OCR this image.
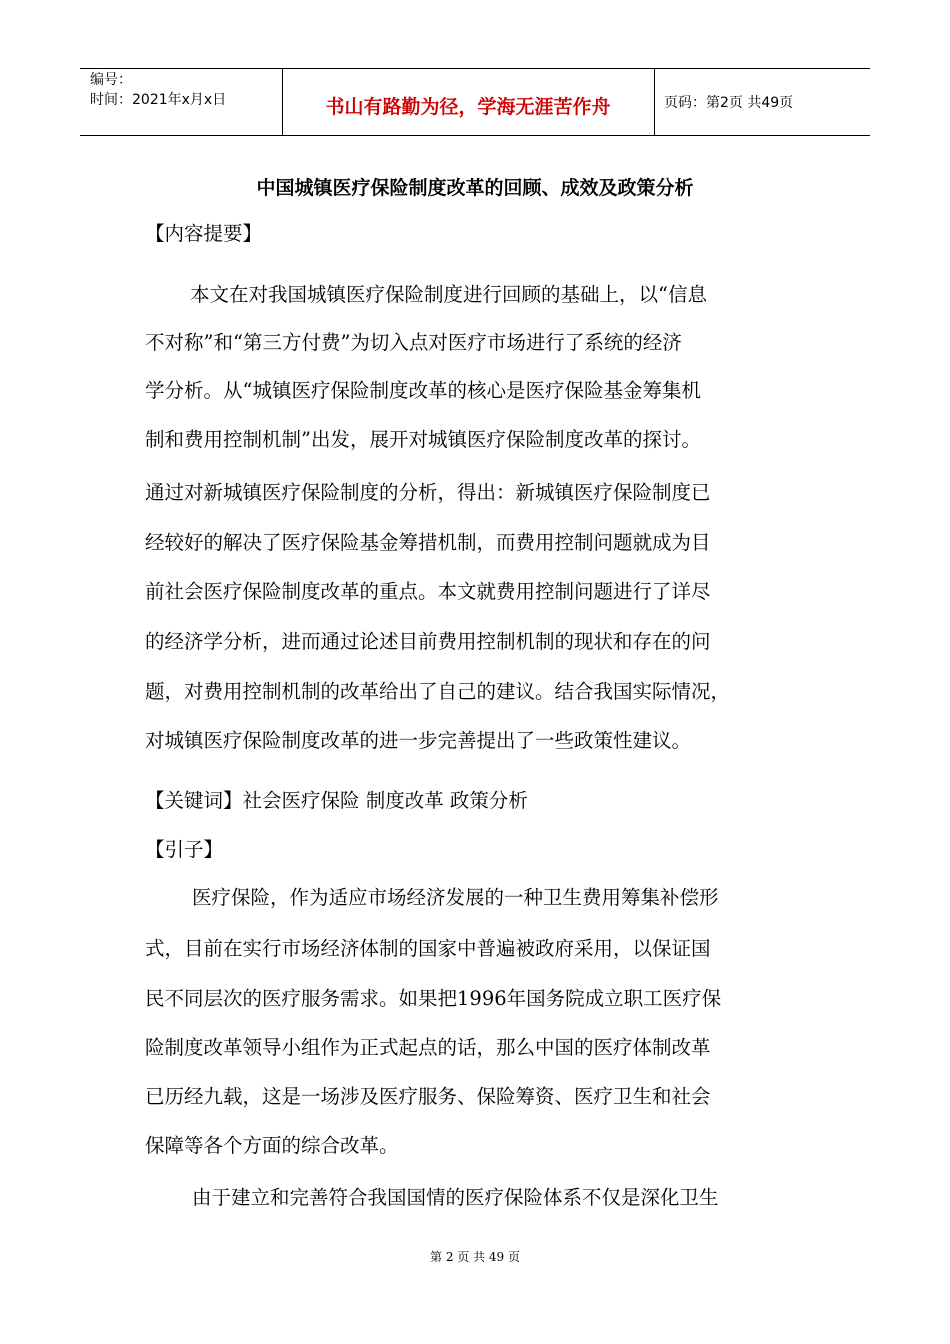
编号：
时间：2021年x月x日	书山有路勤为径，学海无涯苦作舟	页码：第2页 共49页
中国城镇医疗保险制度改革的回顾、成效及政策分析
【内容提要】
本文在对我国城镇医疗保险制度进行回顾的基础上，以“信息
不对称”和“第三方付费”为切入点对医疗市场进行了系统的经济
学分析。从“城镇医疗保险制度改革的核心是医疗保险基金筹集机
制和费用控制机制”出发，展开对城镇医疗保险制度改革的探讨。
通过对新城镇医疗保险制度的分析，得出：新城镇医疗保险制度已
经较好的解决了医疗保险基金筹措机制，而费用控制问题就成为目
前社会医疗保险制度改革的重点。本文就费用控制问题进行了详尽
的经济学分析，进而通过论述目前费用控制机制的现状和存在的问
题，对费用控制机制的改革给出了自己的建议。结合我国实际情况，
对城镇医疗保险制度改革的进一步完善提出了一些政策性建议。
【关键词】社会医疗保险 制度改革 政策分析
【引子】
医疗保险，作为适应市场经济发展的一种卫生费用筹集补偿形
式，目前在实行市场经济体制的国家中普遍被政府采用，以保证国
民不同层次的医疗服务需求。如果把1996年国务院成立职工医疗保
险制度改革领导小组作为正式起点的话，那么中国的医疗体制改革
已历经九载，这是一场涉及医疗服务、保险筹资、医疗卫生和社会
保障等各个方面的综合改革。
由于建立和完善符合我国国情的医疗保险体系不仅是深化卫生
第 2 页 共 49 页
